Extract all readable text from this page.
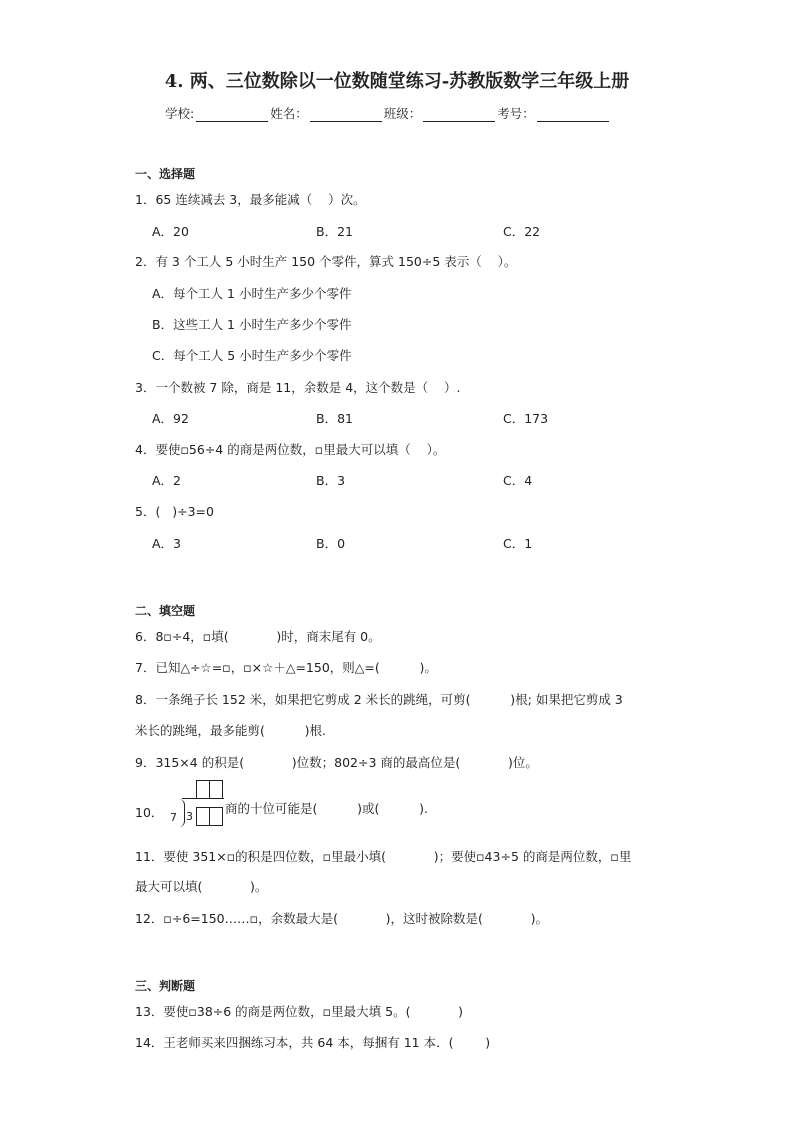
4. 两、三位数除以一位数随堂练习-苏教版数学三年级上册
学校:	姓名：	班级：	考号：
一、选择题
1．65 连续减去 3，最多能减（    ）次。
A．20	B．21	C．22
2．有 3 个工人 5 小时生产 150 个零件，算式 150÷5 表示（    ）。
A．每个工人 1 小时生产多少个零件
B．这些工人 1 小时生产多少个零件
C．每个工人 5 小时生产多少个零件
3．一个数被 7 除，商是 11，余数是 4，这个数是（    ）.
A．92	B．81	C．173
4．要使▫56÷4 的商是两位数，▫里最大可以填（    ）。
A．2	B．3	C．4
5．(   )÷3=0
A．3	B．0	C．1
二、填空题
6．8▫÷4，▫填(            )时，商末尾有 0。
7．已知△÷☆=▫，▫×☆＋△=150，则△=(          )。
8．一条绳子长 152 米，如果把它剪成 2 米长的跳绳，可剪(          )根; 如果把它剪成 3
米长的跳绳，最多能剪(          )根.
9．315×4 的积是(            )位数；802÷3 商的最高位是(            )位。
10． 7 3
商的十位可能是(          )或(          ).
11．要使 351×▫的积是四位数，▫里最小填(            )；要使▫43÷5 的商是两位数，▫里
最大可以填(            )。
12．▫÷6=150……▫，余数最大是(            )，这时被除数是(            )。
三、判断题
13．要使▫38÷6 的商是两位数，▫里最大填 5。(            )
14．王老师买来四捆练习本，共 64 本，每捆有 11 本．(        )
